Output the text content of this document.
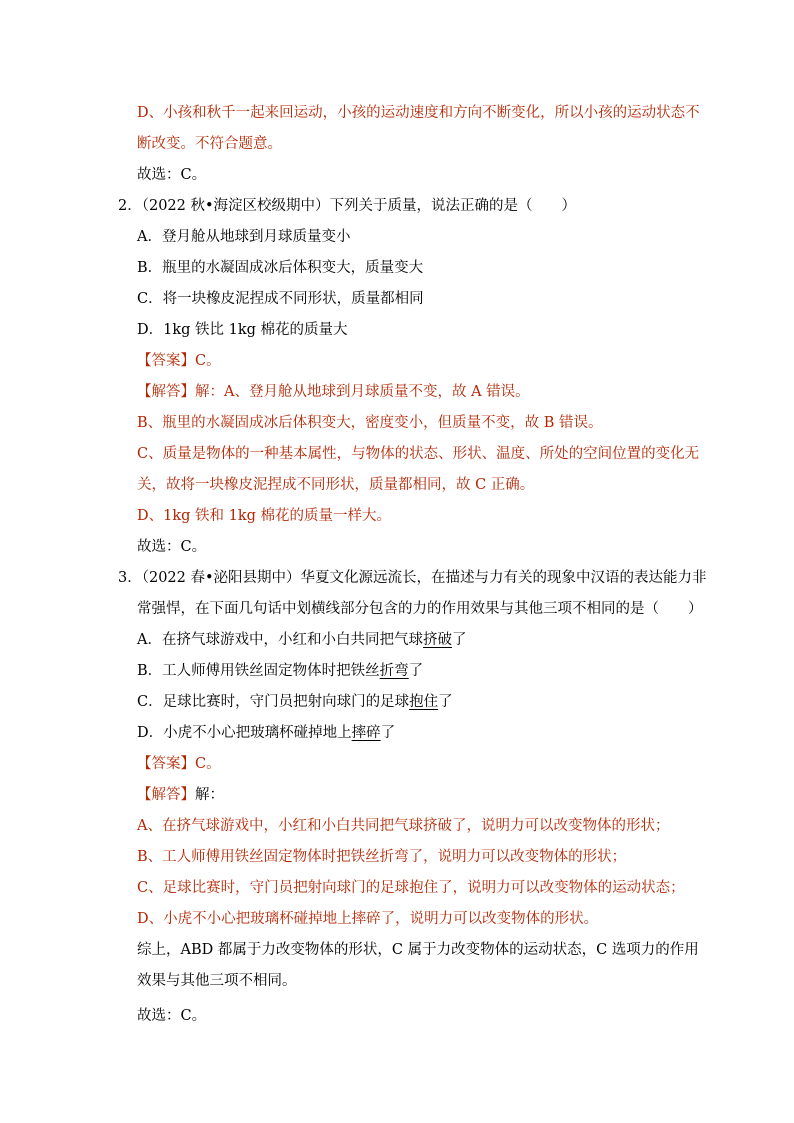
D、小孩和秋千一起来回运动，小孩的运动速度和方向不断变化，所以小孩的运动状态不
断改变。不符合题意。
故选：C。
2．（2022 秋•海淀区校级期中）下列关于质量，说法正确的是（　　）
A．登月舱从地球到月球质量变小
B．瓶里的水凝固成冰后体积变大，质量变大
C．将一块橡皮泥捏成不同形状，质量都相同
D．1kg 铁比 1kg 棉花的质量大
【答案】C。
【解答】解：A、登月舱从地球到月球质量不变，故 A 错误。
B、瓶里的水凝固成冰后体积变大，密度变小，但质量不变，故 B 错误。
C、质量是物体的一种基本属性，与物体的状态、形状、温度、所处的空间位置的变化无
关，故将一块橡皮泥捏成不同形状，质量都相同，故 C 正确。
D、1kg 铁和 1kg 棉花的质量一样大。
故选：C。
3．（2022 春•泌阳县期中）华夏文化源远流长，在描述与力有关的现象中汉语的表达能力非
常强悍，在下面几句话中划横线部分包含的力的作用效果与其他三项不相同的是（　　）
A．在挤气球游戏中，小红和小白共同把气球挤破了
B．工人师傅用铁丝固定物体时把铁丝折弯了
C．足球比赛时，守门员把射向球门的足球抱住了
D．小虎不小心把玻璃杯碰掉地上摔碎了
【答案】C。
【解答】解：
A、在挤气球游戏中，小红和小白共同把气球挤破了，说明力可以改变物体的形状；
B、工人师傅用铁丝固定物体时把铁丝折弯了，说明力可以改变物体的形状；
C、足球比赛时，守门员把射向球门的足球抱住了，说明力可以改变物体的运动状态；
D、小虎不小心把玻璃杯碰掉地上摔碎了，说明力可以改变物体的形状。
综上，ABD 都属于力改变物体的形状，C 属于力改变物体的运动状态，C 选项力的作用
效果与其他三项不相同。
故选：C。
